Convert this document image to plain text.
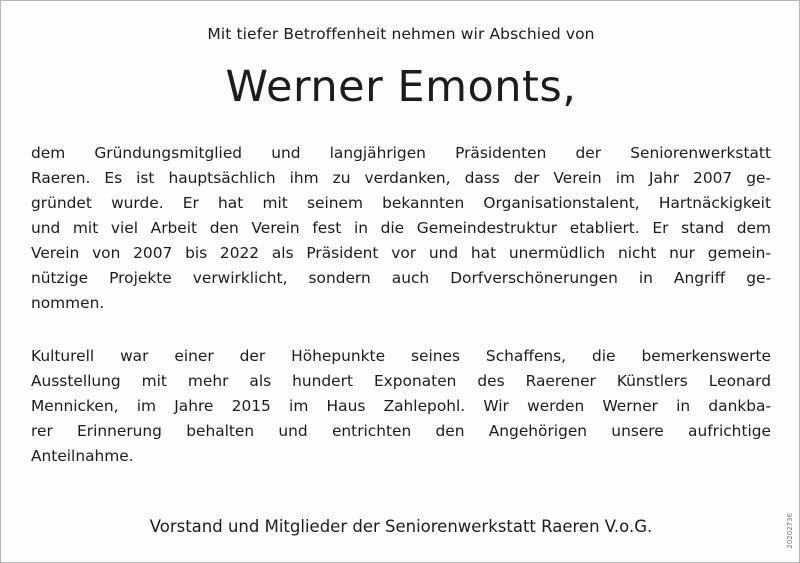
Mit tiefer Betroffenheit nehmen wir Abschied von
Werner Emonts,
dem Gründungsmitglied und langjährigen Präsidenten der Seniorenwerkstatt
Raeren. Es ist hauptsächlich ihm zu verdanken, dass der Verein im Jahr 2007 ge-
gründet wurde. Er hat mit seinem bekannten Organisationstalent, Hartnäckigkeit
und mit viel Arbeit den Verein fest in die Gemeindestruktur etabliert. Er stand dem
Verein von 2007 bis 2022 als Präsident vor und hat unermüdlich nicht nur gemein-
nützige Projekte verwirklicht, sondern auch Dorfverschönerungen in Angriff ge-
nommen.
Kulturell war einer der Höhepunkte seines Schaffens, die bemerkenswerte
Ausstellung mit mehr als hundert Exponaten des Raerener Künstlers Leonard
Mennicken, im Jahre 2015 im Haus Zahlepohl. Wir werden Werner in dankba-
rer Erinnerung behalten und entrichten den Angehörigen unsere aufrichtige
Anteilnahme.
Vorstand und Mitglieder der Seniorenwerkstatt Raeren V.o.G.	20202736
